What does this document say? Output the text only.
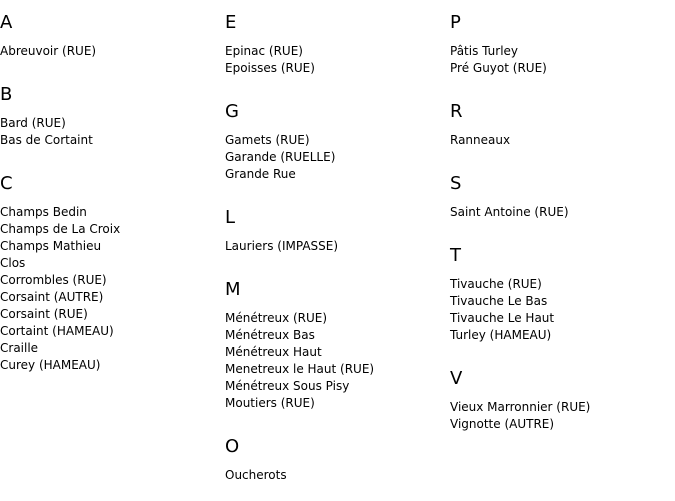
A
Abreuvoir (RUE)
B
Bard (RUE)
Bas de Cortaint
C
Champs Bedin
Champs de La Croix
Champs Mathieu
Clos
Corrombles (RUE)
Corsaint (AUTRE)
Corsaint (RUE)
Cortaint (HAMEAU)
Craille
Curey (HAMEAU)
E
Epinac (RUE)
Epoisses (RUE)
G
Gamets (RUE)
Garande (RUELLE)
Grande Rue
L
Lauriers (IMPASSE)
M
Ménétreux (RUE)
Ménétreux Bas
Ménétreux Haut
Menetreux le Haut (RUE)
Ménétreux Sous Pisy
Moutiers (RUE)
O
Oucherots
P
Pâtis Turley
Pré Guyot (RUE)
R
Ranneaux
S
Saint Antoine (RUE)
T
Tivauche (RUE)
Tivauche Le Bas
Tivauche Le Haut
Turley (HAMEAU)
V
Vieux Marronnier (RUE)
Vignotte (AUTRE)
